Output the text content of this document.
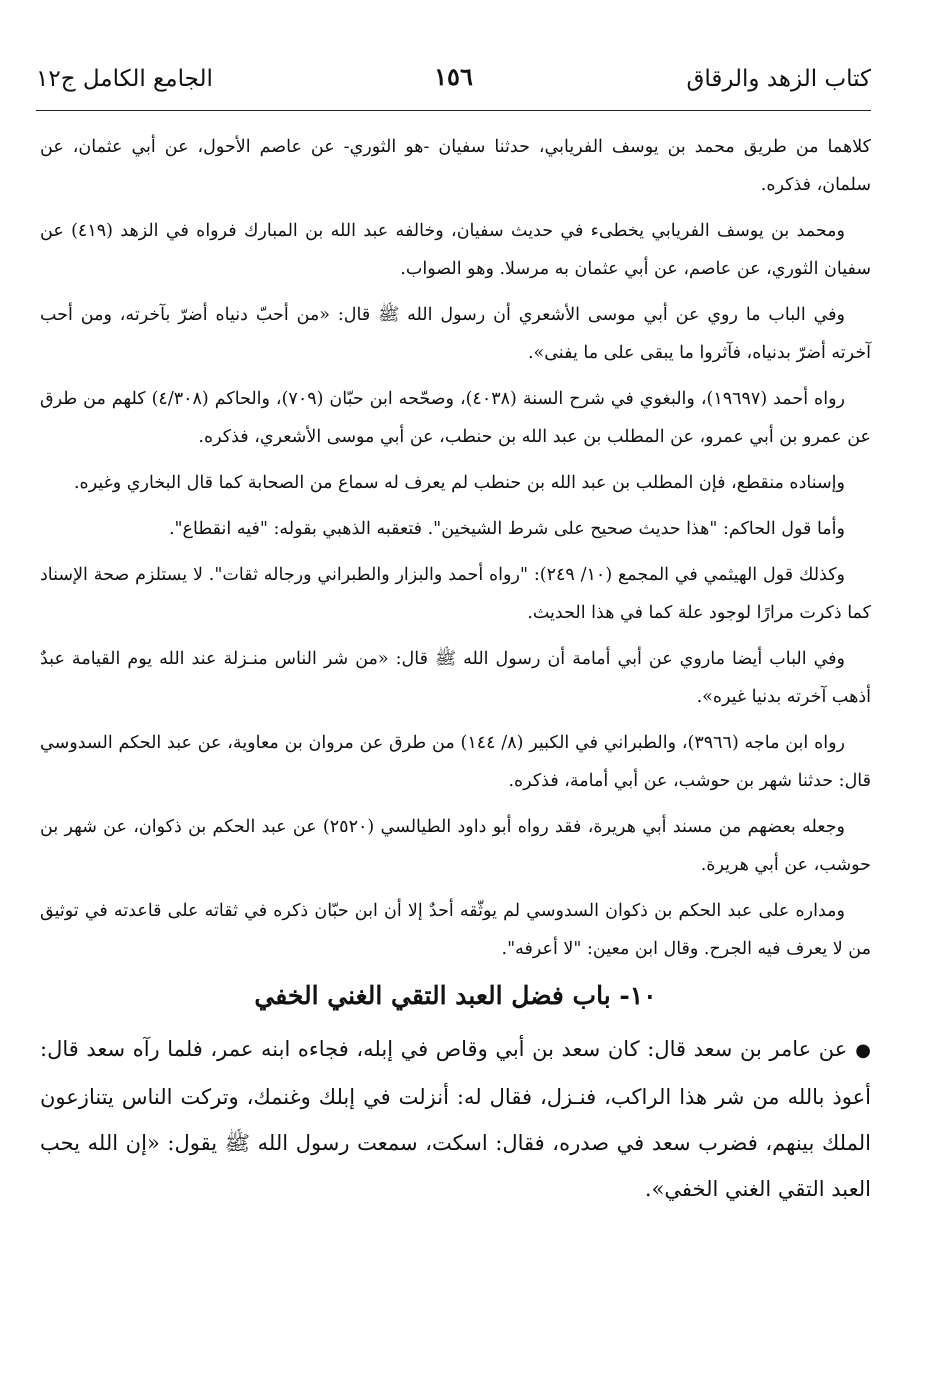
كتاب الزهد والرقاق
١٥٦
الجامع الكامل ج١٢

كلاهما من طريق محمد بن يوسف الفريابي، حدثنا سفيان -هو الثوري- عن عاصم الأحول، عن أبي عثمان، عن سلمان، فذكره.

ومحمد بن يوسف الفريابي يخطىء في حديث سفيان، وخالفه عبد الله بن المبارك فرواه في الزهد (٤١٩) عن سفيان الثوري، عن عاصم، عن أبي عثمان به مرسلا. وهو الصواب.

وفي الباب ما روي عن أبي موسى الأشعري أن رسول الله ﷺ قال: «من أحبّ دنياه أضرّ بآخرته، ومن أحب آخرته أضرّ بدنياه، فآثروا ما يبقى على ما يفنى».

رواه أحمد (١٩٦٩٧)، والبغوي في شرح السنة (٤٠٣٨)، وصحّحه ابن حبّان (٧٠٩)، والحاكم (٤/٣٠٨) كلهم من طرق عن عمرو بن أبي عمرو، عن المطلب بن عبد الله بن حنطب، عن أبي موسى الأشعري، فذكره.

وإسناده منقطع، فإن المطلب بن عبد الله بن حنطب لم يعرف له سماع من الصحابة كما قال البخاري وغيره.

وأما قول الحاكم: "هذا حديث صحيح على شرط الشيخين". فتعقبه الذهبي بقوله: "فيه انقطاع".

وكذلك قول الهيثمي في المجمع (١٠/ ٢٤٩): "رواه أحمد والبزار والطبراني ورجاله ثقات". لا يستلزم صحة الإسناد كما ذكرت مرارًا لوجود علة كما في هذا الحديث.

وفي الباب أيضا ماروي عن أبي أمامة أن رسول الله ﷺ قال: «من شر الناس منـزلة عند الله يوم القيامة عبدٌ أذهب آخرته بدنيا غيره».

رواه ابن ماجه (٣٩٦٦)، والطبراني في الكبير (٨/ ١٤٤) من طرق عن مروان بن معاوية، عن عبد الحكم السدوسي قال: حدثنا شهر بن حوشب، عن أبي أمامة، فذكره.

وجعله بعضهم من مسند أبي هريرة، فقد رواه أبو داود الطيالسي (٢٥٢٠) عن عبد الحكم بن ذكوان، عن شهر بن حوشب، عن أبي هريرة.

ومداره على عبد الحكم بن ذكوان السدوسي لم يوثّقه أحدٌ إلا أن ابن حبّان ذكره في ثقاته على قاعدته في توثيق من لا يعرف فيه الجرح. وقال ابن معين: "لا أعرفه".

١٠- باب فضل العبد التقي الغني الخفي

●عن عامر بن سعد قال: كان سعد بن أبي وقاص في إبله، فجاءه ابنه عمر، فلما رآه سعد قال: أعوذ بالله من شر هذا الراكب، فنـزل، فقال له: أنزلت في إبلك وغنمك، وتركت الناس يتنازعون الملك بينهم، فضرب سعد في صدره، فقال: اسكت، سمعت رسول الله ﷺ يقول: «إن الله يحب العبد التقي الغني الخفي».
